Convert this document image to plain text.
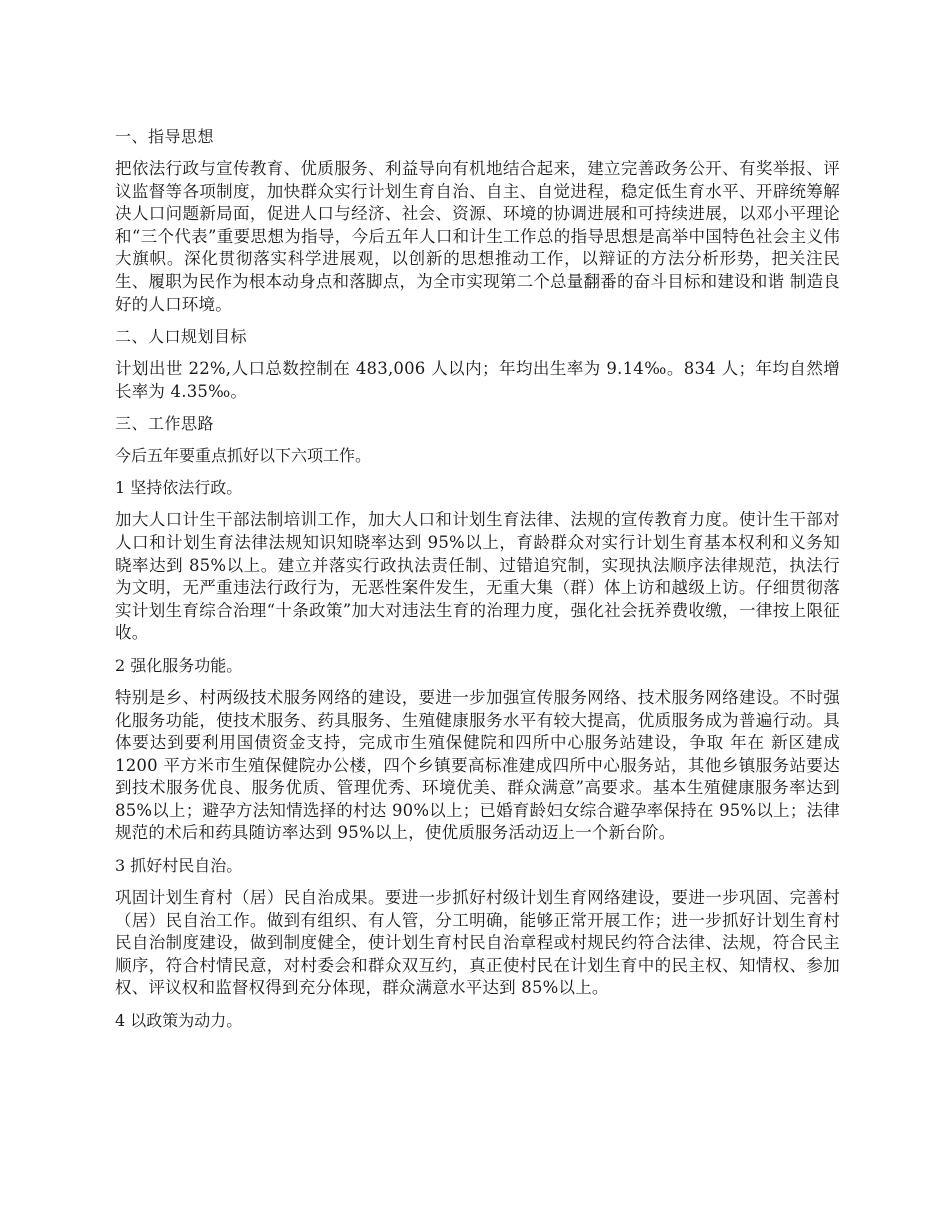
一、指导思想

把依法行政与宣传教育、优质服务、利益导向有机地结合起来，建立完善政务公开、有奖举报、评议监督等各项制度，加快群众实行计划生育自治、自主、自觉进程，稳定低生育水平、开辟统筹解决人口问题新局面，促进人口与经济、社会、资源、环境的协调进展和可持续进展，以邓小平理论和“三个代表”重要思想为指导，今后五年人口和计生工作总的指导思想是高举中国特色社会主义伟大旗帜。深化贯彻落实科学进展观，以创新的思想推动工作，以辩证的方法分析形势，把关注民生、履职为民作为根本动身点和落脚点，为全市实现第二个总量翻番的奋斗目标和建设和谐 制造良好的人口环境。

二、人口规划目标

计划出世 22%,人口总数控制在 483,006 人以内；年均出生率为 9.14‰。834 人；年均自然增长率为 4.35‰。

三、工作思路

今后五年要重点抓好以下六项工作。

1 坚持依法行政。

加大人口计生干部法制培训工作，加大人口和计划生育法律、法规的宣传教育力度。使计生干部对人口和计划生育法律法规知识知晓率达到 95%以上，育龄群众对实行计划生育基本权利和义务知晓率达到 85%以上。建立并落实行政执法责任制、过错追究制，实现执法顺序法律规范，执法行为文明，无严重违法行政行为，无恶性案件发生，无重大集（群）体上访和越级上访。仔细贯彻落实计划生育综合治理“十条政策”加大对违法生育的治理力度，强化社会抚养费收缴，一律按上限征收。

2 强化服务功能。

特别是乡、村两级技术服务网络的建设，要进一步加强宣传服务网络、技术服务网络建设。不时强化服务功能，使技术服务、药具服务、生殖健康服务水平有较大提高，优质服务成为普遍行动。具体要达到要利用国债资金支持，完成市生殖保健院和四所中心服务站建设，争取 年在 新区建成 1200 平方米市生殖保健院办公楼，四个乡镇要高标准建成四所中心服务站，其他乡镇服务站要达到技术服务优良、服务优质、管理优秀、环境优美、群众满意”高要求。基本生殖健康服务率达到 85%以上；避孕方法知情选择的村达 90%以上；已婚育龄妇女综合避孕率保持在 95%以上；法律规范的术后和药具随访率达到 95%以上，使优质服务活动迈上一个新台阶。

3 抓好村民自治。

巩固计划生育村（居）民自治成果。要进一步抓好村级计划生育网络建设，要进一步巩固、完善村（居）民自治工作。做到有组织、有人管，分工明确，能够正常开展工作；进一步抓好计划生育村民自治制度建设，做到制度健全，使计划生育村民自治章程或村规民约符合法律、法规，符合民主顺序，符合村情民意，对村委会和群众双互约，真正使村民在计划生育中的民主权、知情权、参加权、评议权和监督权得到充分体现，群众满意水平达到 85%以上。

4 以政策为动力。
